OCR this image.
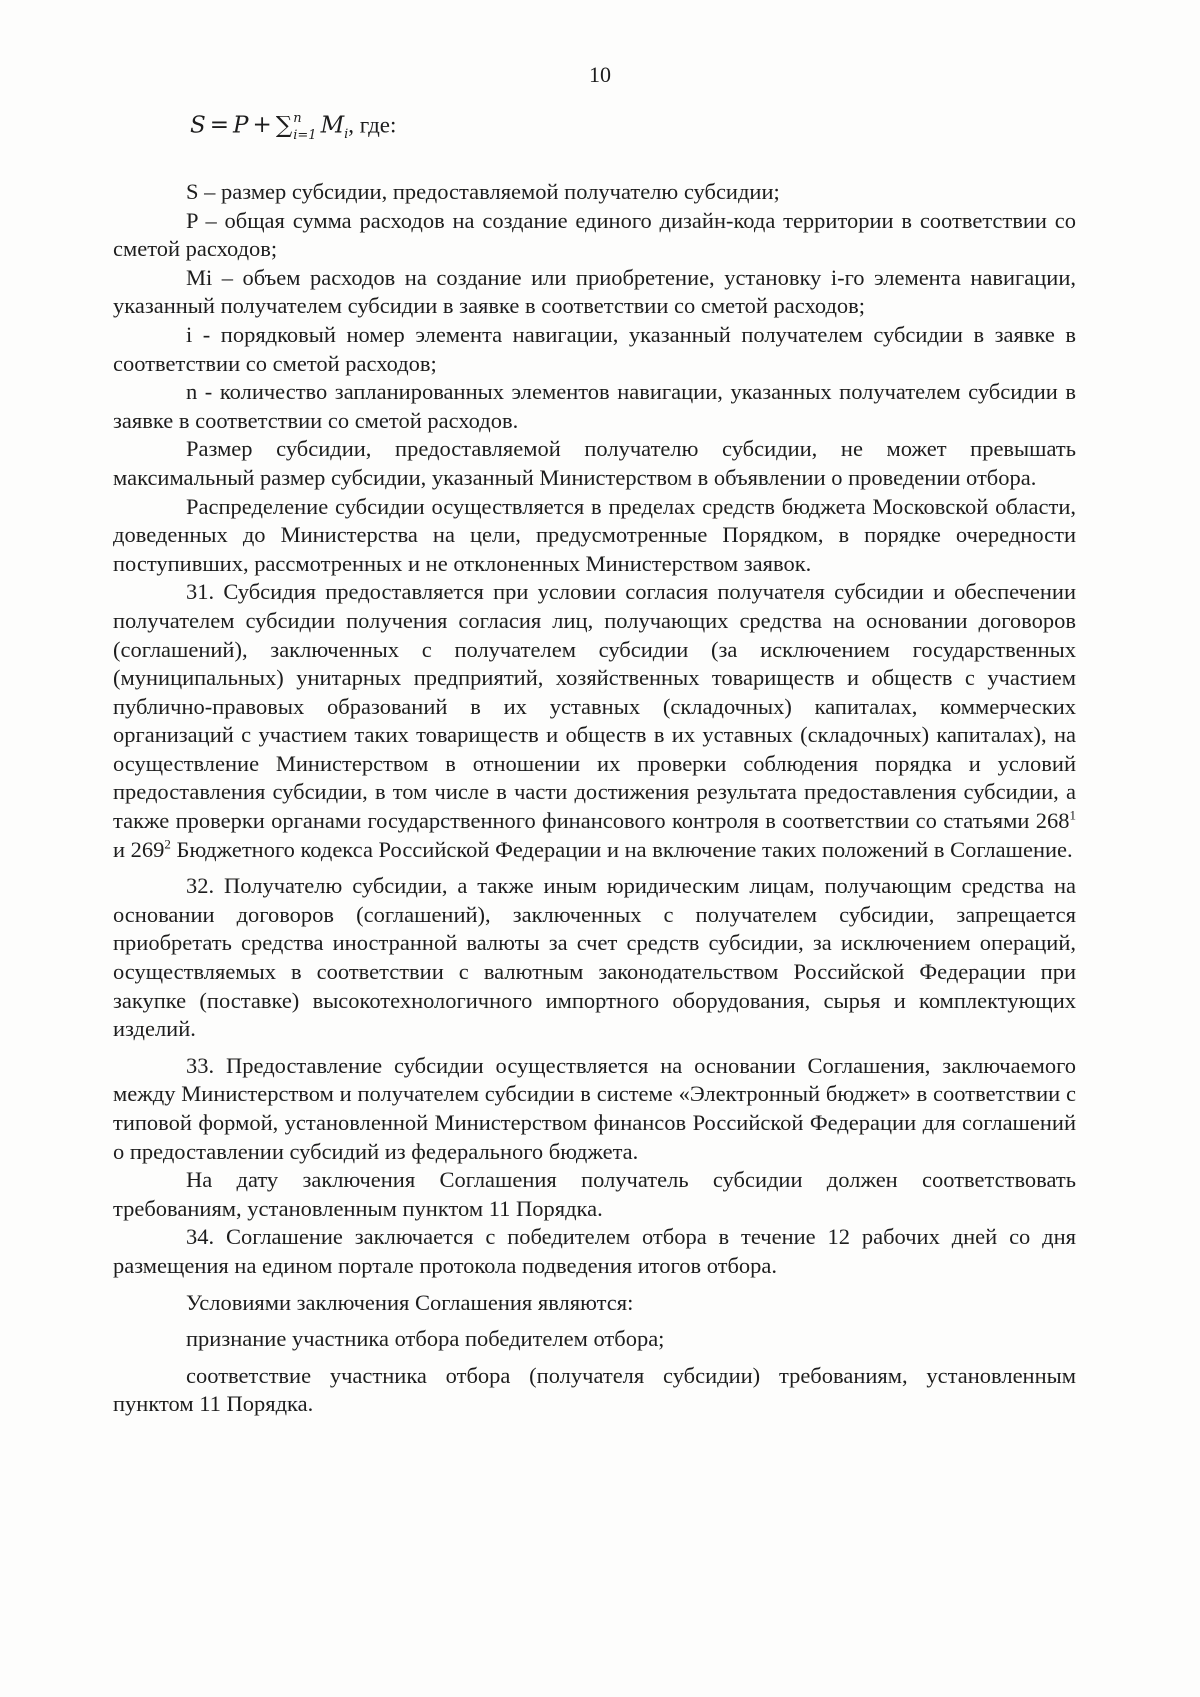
10
S = P + ∑ n
i=1 $M_i$, где:

S – размер субсидии, предоставляемой получателю субсидии;

P – общая сумма расходов на создание единого дизайн-кода территории в соответствии со сметой расходов;

Mi – объем расходов на создание или приобретение, установку i-го элемента навигации, указанный получателем субсидии в заявке в соответствии со сметой расходов;

i - порядковый номер элемента навигации, указанный получателем субсидии в заявке в соответствии со сметой расходов;

n - количество запланированных элементов навигации, указанных получателем субсидии в заявке в соответствии со сметой расходов.

Размер субсидии, предоставляемой получателю субсидии, не может превышать максимальный размер субсидии, указанный Министерством в объявлении о проведении отбора.

Распределение субсидии осуществляется в пределах средств бюджета Московской области, доведенных до Министерства на цели, предусмотренные Порядком, в порядке очередности поступивших, рассмотренных и не отклоненных Министерством заявок.

31. Субсидия предоставляется при условии согласия получателя субсидии и обеспечении получателем субсидии получения согласия лиц, получающих средства на основании договоров (соглашений), заключенных с получателем субсидии (за исключением государственных (муниципальных) унитарных предприятий, хозяйственных товариществ и обществ с участием публично-правовых образований в их уставных (складочных) капиталах, коммерческих организаций с участием таких товариществ и обществ в их уставных (складочных) капиталах), на осуществление Министерством в отношении их проверки соблюдения порядка и условий предоставления субсидии, в том числе в части достижения результата предоставления субсидии, а также проверки органами государственного финансового контроля в соответствии со статьями $268^1$ и $269^2$ Бюджетного кодекса Российской Федерации и на включение таких положений в Соглашение.

32. Получателю субсидии, а также иным юридическим лицам, получающим средства на основании договоров (соглашений), заключенных с получателем субсидии, запрещается приобретать средства иностранной валюты за счет средств субсидии, за исключением операций, осуществляемых в соответствии с валютным законодательством Российской Федерации при закупке (поставке) высокотехнологичного импортного оборудования, сырья и комплектующих изделий.

33. Предоставление субсидии осуществляется на основании Соглашения, заключаемого между Министерством и получателем субсидии в системе «Электронный бюджет» в соответствии с типовой формой, установленной Министерством финансов Российской Федерации для соглашений о предоставлении субсидий из федерального бюджета.

На дату заключения Соглашения получатель субсидии должен соответствовать требованиям, установленным пунктом 11 Порядка.

34. Соглашение заключается с победителем отбора в течение 12 рабочих дней со дня размещения на едином портале протокола подведения итогов отбора.

Условиями заключения Соглашения являются:

признание участника отбора победителем отбора;

соответствие участника отбора (получателя субсидии) требованиям, установленным пунктом 11 Порядка.
